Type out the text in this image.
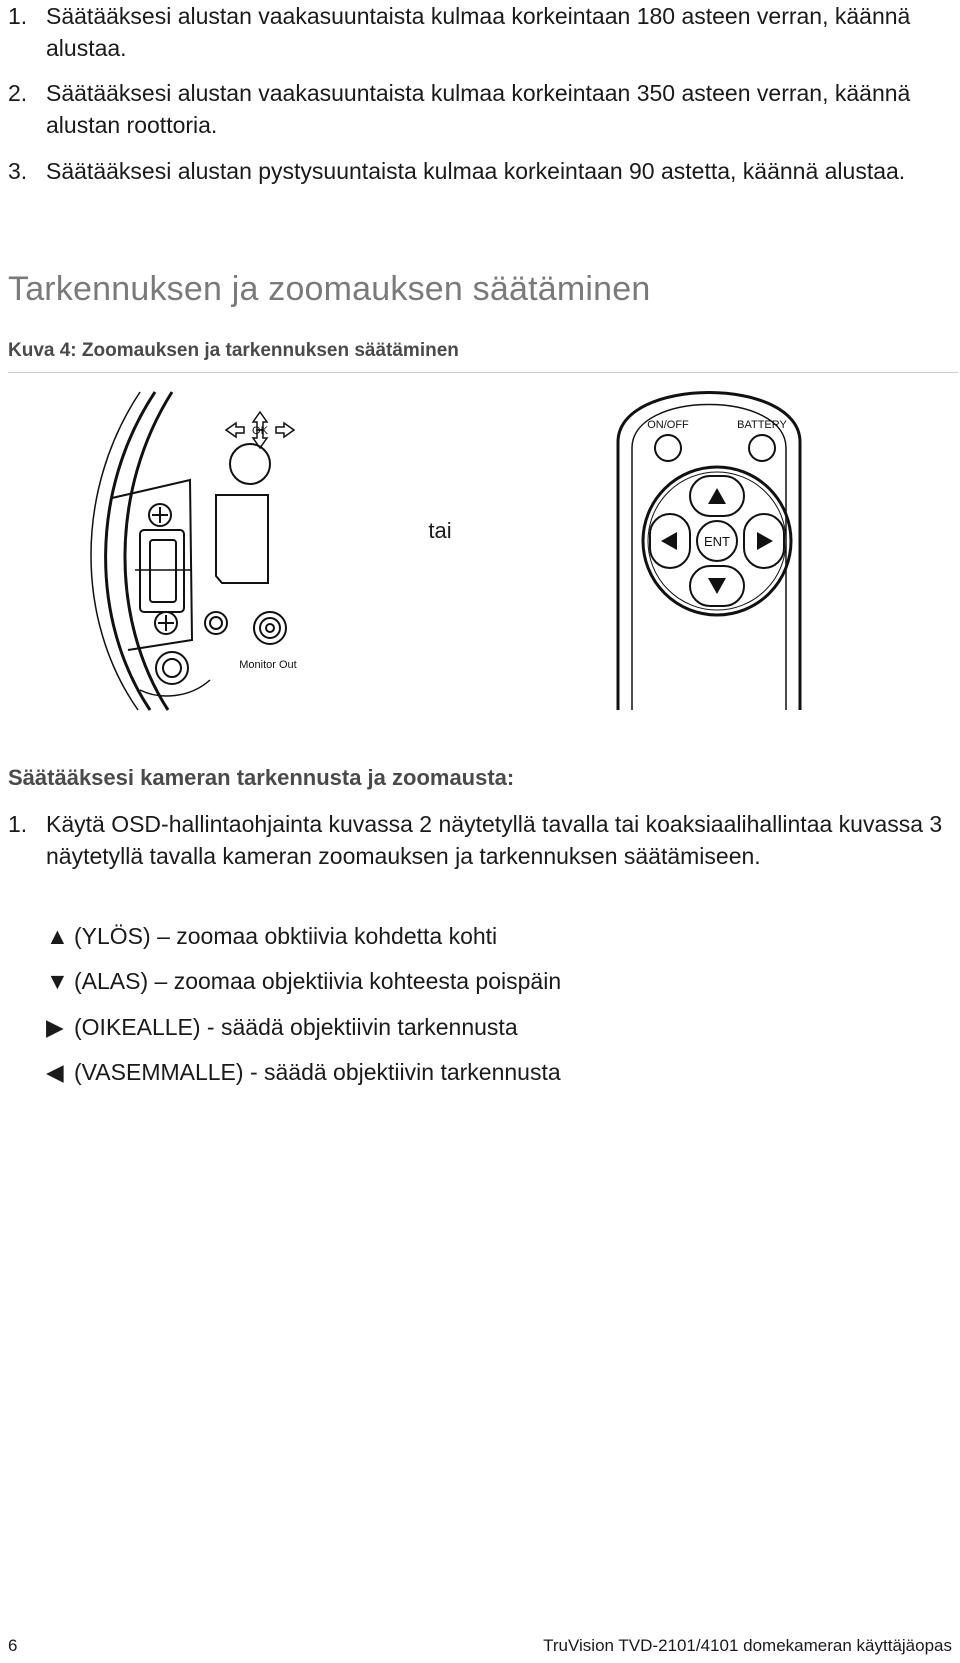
1. Säätääksesi alustan vaakasuuntaista kulmaa korkeintaan 180 asteen verran, käännä alustaa.

2. Säätääksesi alustan vaakasuuntaista kulmaa korkeintaan 350 asteen verran, käännä alustan roottoria.

3. Säätääksesi alustan pystysuuntaista kulmaa korkeintaan 90 astetta, käännä alustaa.

Tarkennuksen ja zoomauksen säätäminen

Kuva 4: Zoomauksen ja tarkennuksen säätäminen

OK
Monitor Out
tai
ON/OFF	BATTERY
ENT

Säätääksesi kameran tarkennusta ja zoomausta:

1. Käytä OSD-hallintaohjainta kuvassa 2 näytetyllä tavalla tai koaksiaalihallintaa kuvassa 3 näytetyllä tavalla kameran zoomauksen ja tarkennuksen säätämiseen.

▲ (YLÖS) – zoomaa obktiivia kohdetta kohti
▼ (ALAS) – zoomaa objektiivia kohteesta poispäin
▶ (OIKEALLE) - säädä objektiivin tarkennusta
◀ (VASEMMALLE) - säädä objektiivin tarkennusta
6	TruVision TVD-2101/4101 domekameran käyttäjäopas
